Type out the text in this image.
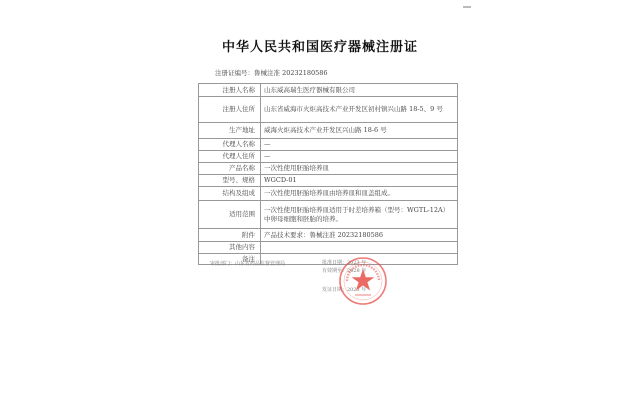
中华人民共和国医疗器械注册证
注册证编号：鲁械注准 20232180586
注册人名称	山东威高瑞生医疗器械有限公司
注册人住所	山东省威海市火炬高技术产业开发区初村镇兴山路 18-5、9 号
生产地址	威海火炬高技术产业开发区兴山路 18-6 号
代理人名称	—
代理人住所	—
产品名称	一次性使用胚胎培养皿
型号、规格	WGCD-01
结构及组成	一次性使用胚胎培养皿由培养皿和皿盖组成。
适用范围	一次性使用胚胎培养皿适用于时差培养箱（型号：WGTL-12A）中卵母细胞和胚胎的培养。
附件	产品技术要求：鲁械注准 20232180586
其他内容	
备注	
审批部门：山东省药品监督管理局	批准日期：2023 年
有效期至：2028 年
发证日期：2023 年
